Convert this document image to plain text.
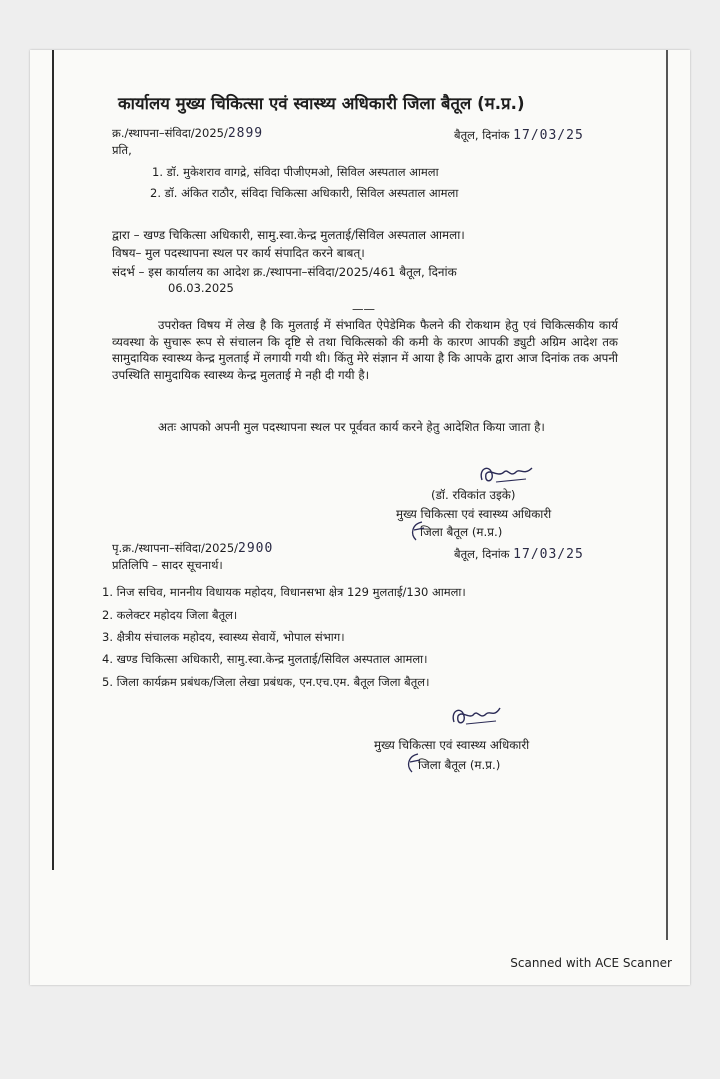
कार्यालय मुख्य चिकित्सा एवं स्वास्थ्य अधिकारी जिला बैतूल (म.प्र.)
क्र./स्थापना–संविदा/2025/2899	बैतूल, दिनांक 17/03/25
प्रति,
1. डॉ. मुकेशराव वागद्रे, संविदा पीजीएमओ, सिविल अस्पताल आमला
2. डॉ. अंकित राठौर, संविदा चिकित्सा अधिकारी, सिविल अस्पताल आमला
द्वारा – खण्ड चिकित्सा अधिकारी, सामु.स्वा.केन्द्र मुलताई/सिविल अस्पताल आमला।
विषय– मुल पदस्थापना स्थल पर कार्य संपादित करने बाबत्।
संदर्भ – इस कार्यालय का आदेश क्र./स्थापना–संविदा/2025/461 बैतूल, दिनांक
06.03.2025
——
उपरोक्त विषय में लेख है कि मुलताई में संभावित ऐपेडेमिक फैलने की रोकथाम हेतु एवं चिकित्सकीय कार्य व्यवस्था के सुचारू रूप से संचालन कि दृष्टि से तथा चिकित्सको की कमी के कारण आपकी ड्युटी अग्रिम आदेश तक सामुदायिक स्वास्थ्य केन्द्र मुलताई में लगायी गयी थी। किंतु मेरे संज्ञान में आया है कि आपके द्वारा आज दिनांक तक अपनी उपस्थिति सामुदायिक स्वास्थ्य केन्द्र मुलताई मे नही दी गयी है।
अतः आपको अपनी मुल पदस्थापना स्थल पर पूर्ववत कार्य करने हेतु आदेशित किया जाता है।
(डॉ. रविकांत उइके)
मुख्य चिकित्सा एवं स्वास्थ्य अधिकारी
जिला बैतूल (म.प्र.)
पृ.क्र./स्थापना–संविदा/2025/2900	बैतूल, दिनांक 17/03/25
प्रतिलिपि – सादर सूचनार्थ।
1. निज सचिव, माननीय विधायक महोदय, विधानसभा क्षेत्र 129 मुलताई/130 आमला।
2. कलेक्टर महोदय जिला बैतूल।
3. क्षैत्रीय संचालक महोदय, स्वास्थ्य सेवायें, भोपाल संभाग।
4. खण्ड चिकित्सा अधिकारी, सामु.स्वा.केन्द्र मुलताई/सिविल अस्पताल आमला।
5. जिला कार्यक्रम प्रबंधक/जिला लेखा प्रबंधक, एन.एच.एम. बैतूल जिला बैतूल।
मुख्य चिकित्सा एवं स्वास्थ्य अधिकारी
जिला बैतूल (म.प्र.)
Scanned with ACE Scanner
